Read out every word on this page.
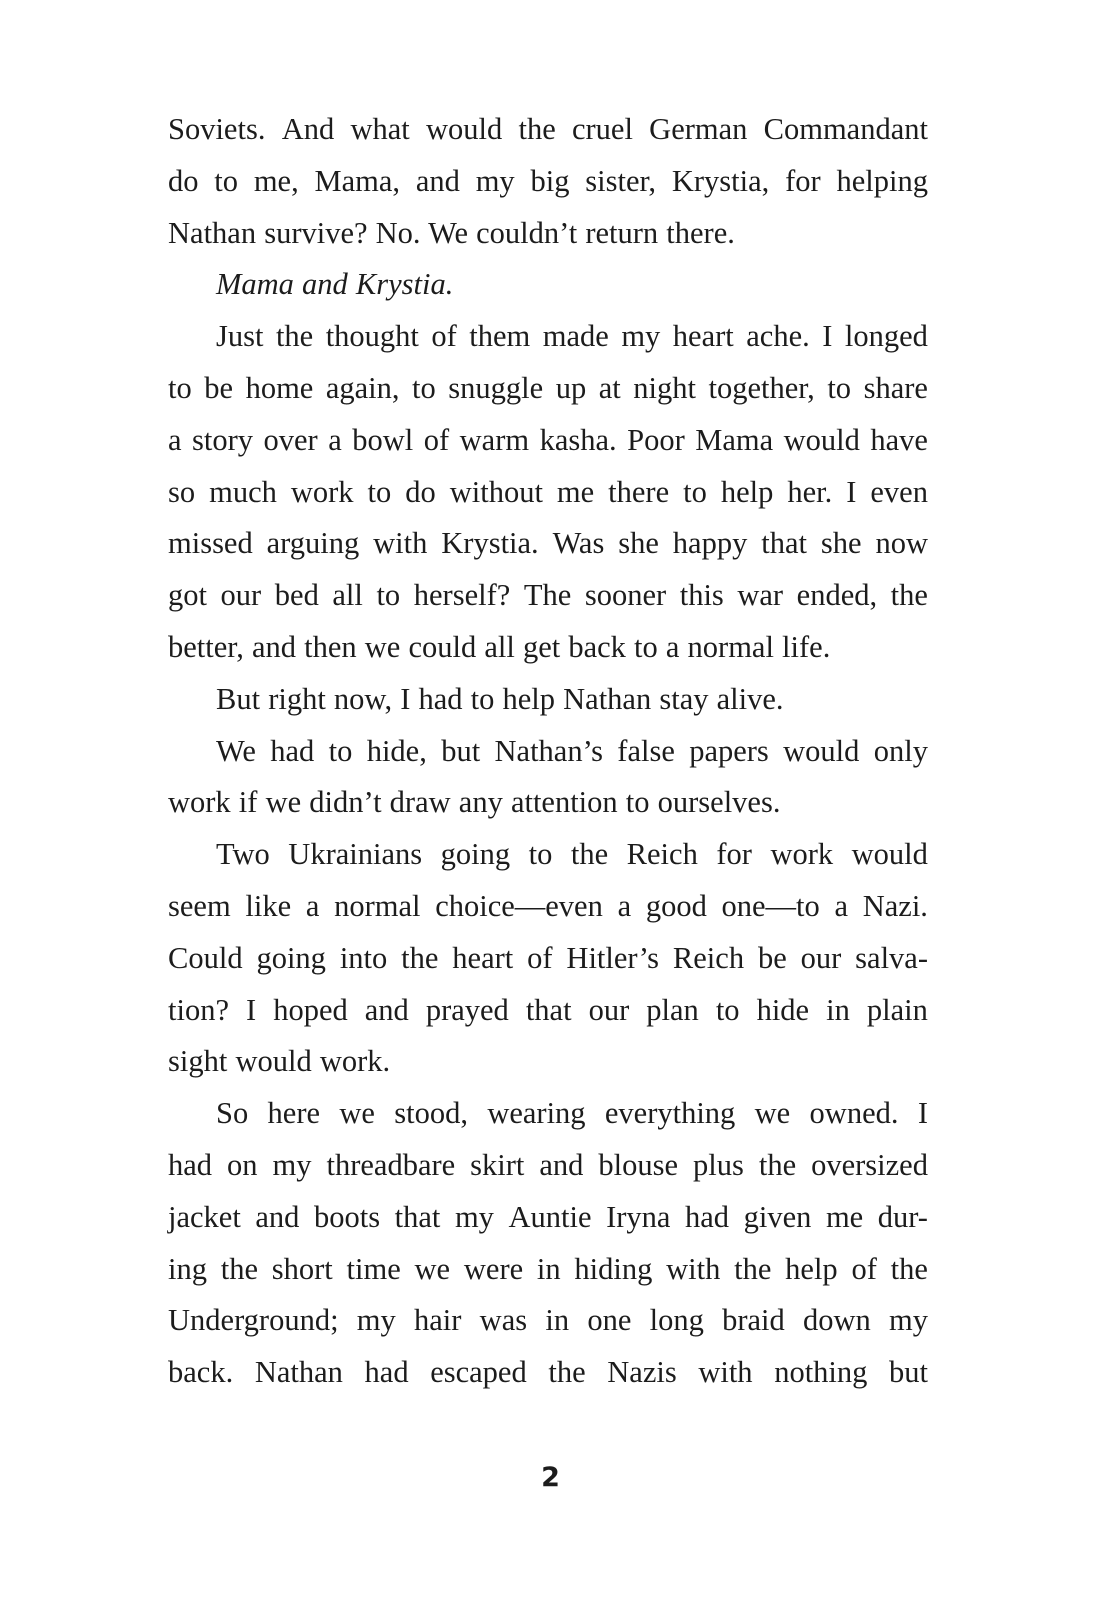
Soviets. And what would the cruel German Commandant
do to me, Mama, and my big sister, Krystia, for helping
Nathan survive? No. We couldn’t return there.
Mama and Krystia.
Just the thought of them made my heart ache. I longed
to be home again, to snuggle up at night together, to share
a story over a bowl of warm kasha. Poor Mama would have
so much work to do without me there to help her. I even
missed arguing with Krystia. Was she happy that she now
got our bed all to herself? The sooner this war ended, the
better, and then we could all get back to a normal life.
But right now, I had to help Nathan stay alive.
We had to hide, but Nathan’s false papers would only
work if we didn’t draw any attention to ourselves.
Two Ukrainians going to the Reich for work would
seem like a normal choice—even a good one—to a Nazi.
Could going into the heart of Hitler’s Reich be our salva-
tion? I hoped and prayed that our plan to hide in plain
sight would work.
So here we stood, wearing everything we owned. I
had on my threadbare skirt and blouse plus the oversized
jacket and boots that my Auntie Iryna had given me dur-
ing the short time we were in hiding with the help of the
Underground; my hair was in one long braid down my
back. Nathan had escaped the Nazis with nothing but
2
